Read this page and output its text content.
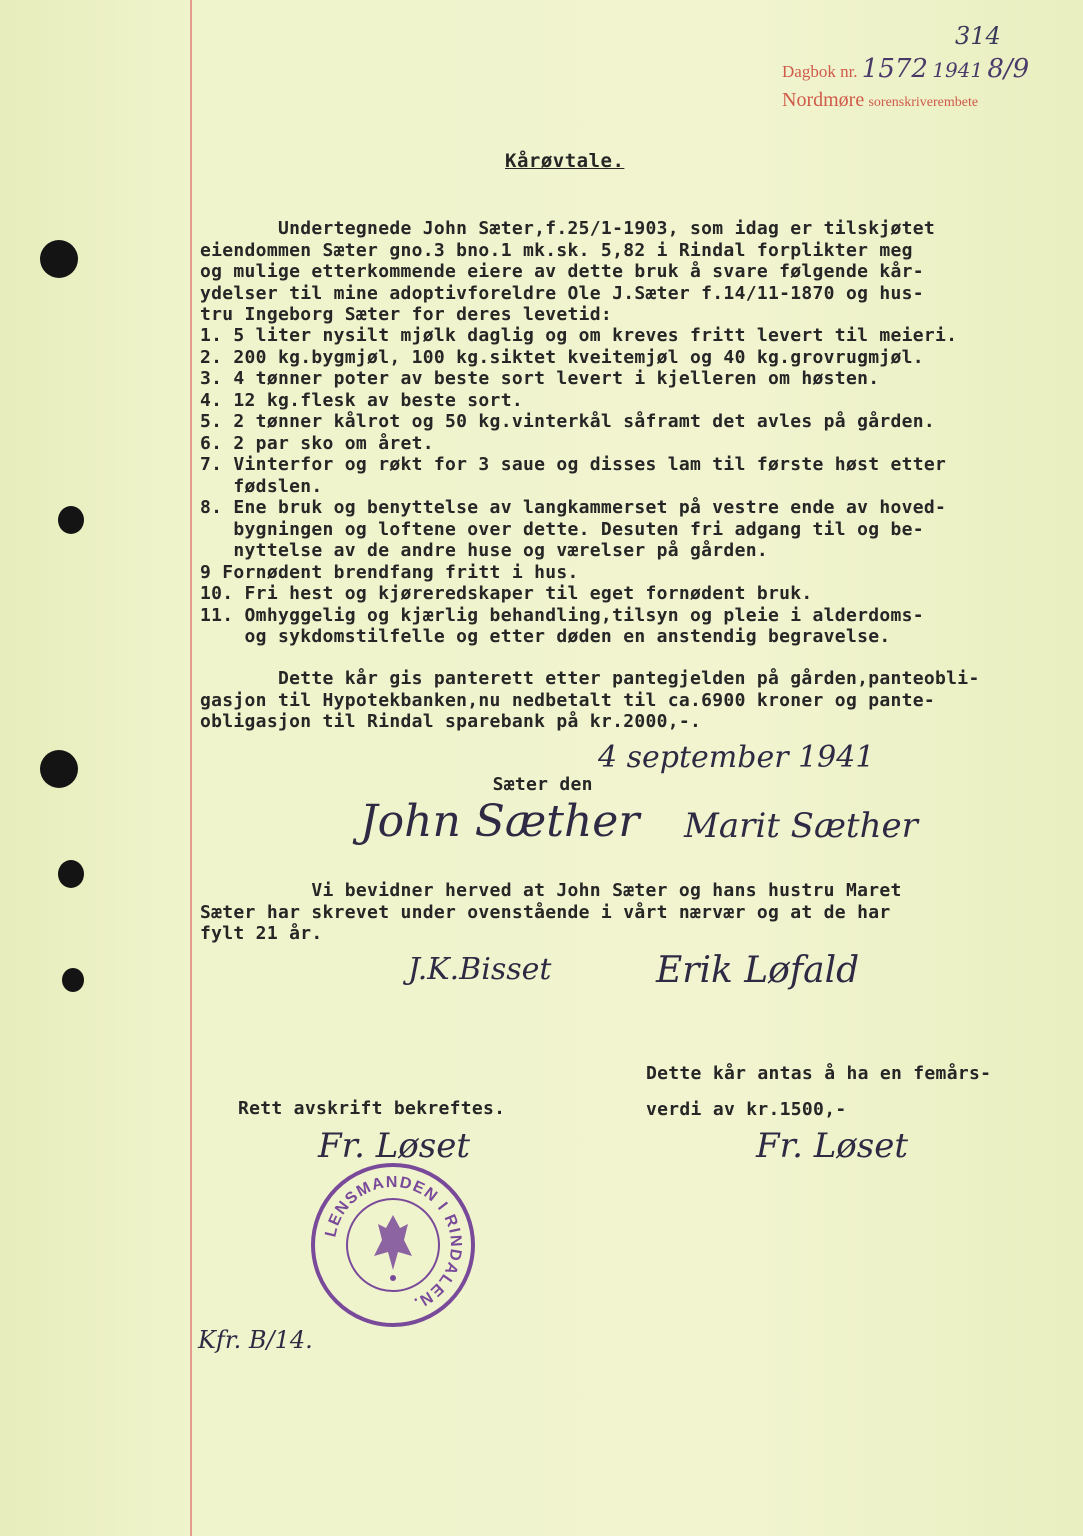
314
Dagbok nr. 1572 1941 8/9
Nordmøre sorenskriverembete
Kårøvtale.
Undertegnede John Sæter,f.25/1-1903, som idag er tilskjøtet
eiendommen Sæter gno.3 bno.1 mk.sk. 5,82 i Rindal forplikter meg
og mulige etterkommende eiere av dette bruk å svare følgende kår-
ydelser til mine adoptivforeldre Ole J.Sæter f.14/11-1870 og hus-
tru Ingeborg Sæter for deres levetid:
1. 5 liter nysilt mjølk daglig og om kreves fritt levert til meieri.
2. 200 kg.bygmjøl, 100 kg.siktet kveitemjøl og 40 kg.grovrugmjøl.
3. 4 tønner poter av beste sort levert i kjelleren om høsten.
4. 12 kg.flesk av beste sort.
5. 2 tønner kålrot og 50 kg.vinterkål såframt det avles på gården.
6. 2 par sko om året.
7. Vinterfor og røkt for 3 saue og disses lam til første høst etter
fødslen.
8. Ene bruk og benyttelse av langkammerset på vestre ende av hoved-
bygningen og loftene over dette. Desuten fri adgang til og be-
nyttelse av de andre huse og værelser på gården.
9 Fornødent brendfang fritt i hus.
10. Fri hest og kjøreredskaper til eget fornødent bruk.
11. Omhyggelig og kjærlig behandling,tilsyn og pleie i alderdoms-
og sykdomstilfelle og etter døden en anstendig begravelse.
Dette kår gis panterett etter pantegjelden på gården,panteobli-
gasjon til Hypotekbanken,nu nedbetalt til ca.6900 kroner og pante-
obligasjon til Rindal sparebank på kr.2000,-.

Sæter den

4 september 1941
John Sæther Marit Sæther
Vi bevidner herved at John Sæter og hans hustru Maret
Sæter har skrevet under ovenstående i vårt nærvær og at de har
fylt 21 år.
J.K.Bisset	Erik Løfald
Dette kår antas å ha en femårs-
verdi av kr.1500,-
Rett avskrift bekreftes.
Fr. Løset	Fr. Løset
LENSMANDEN I RINDALEN.
Kfr. B/14.
